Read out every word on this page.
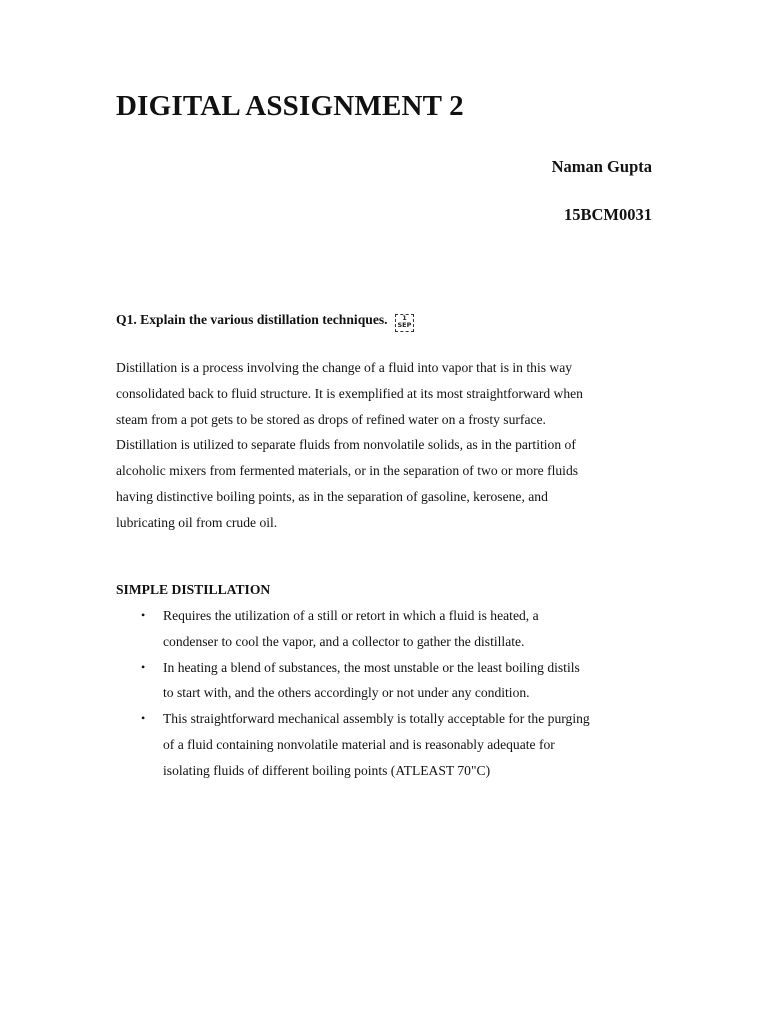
DIGITAL ASSIGNMENT 2
Naman Gupta
15BCM0031
Q1. Explain the various distillation techniques.	1
SEP

Distillation is a process involving the change of a fluid into vapor that is in this way
consolidated back to fluid structure. It is exemplified at its most straightforward when
steam from a pot gets to be stored as drops of refined water on a frosty surface.
Distillation is utilized to separate fluids from nonvolatile solids, as in the partition of
alcoholic mixers from fermented materials, or in the separation of two or more fluids
having distinctive boiling points, as in the separation of gasoline, kerosene, and
lubricating oil from crude oil.

SIMPLE DISTILLATION
• Requires the utilization of a still or retort in which a fluid is heated, a
condenser to cool the vapor, and a collector to gather the distillate.
• In heating a blend of substances, the most unstable or the least boiling distils
to start with, and the others accordingly or not under any condition.
• This straightforward mechanical assembly is totally acceptable for the purging
of a fluid containing nonvolatile material and is reasonably adequate for
isolating fluids of different boiling points (ATLEAST 70"C)
